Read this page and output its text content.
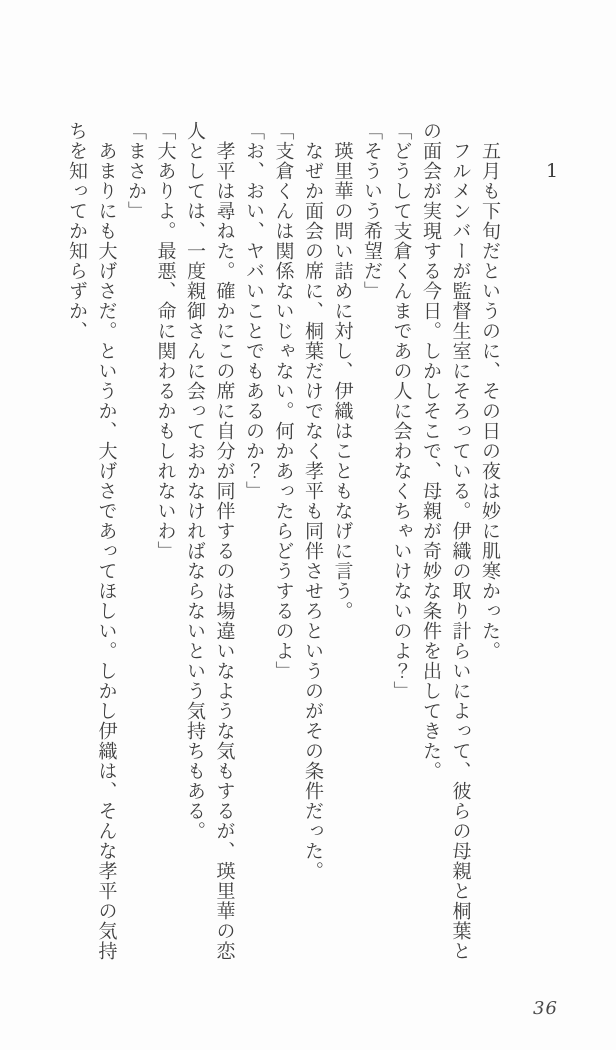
1

五月も下旬だというのに、その日の夜は妙に肌寒かった。

フルメンバーが監督生室にそろっている。伊織の取り計らいによって、彼らの母親と桐葉と

の面会が実現する今日。しかしそこで、母親が奇妙な条件を出してきた。

「どうして支倉くんまであの人に会わなくちゃいけないのよ？」

「そういう希望だ」

瑛里華の問い詰めに対し、伊織はこともなげに言う。

なぜか面会の席に、桐葉だけでなく孝平も同伴させろというのがその条件だった。

「支倉くんは関係ないじゃない。何かあったらどうするのよ」

「お、おい、ヤバいことでもあるのか？」

孝平は尋ねた。確かにこの席に自分が同伴するのは場違いなような気もするが、瑛里華の恋

人としては、一度親御さんに会っておかなければならないという気持ちもある。

「大ありよ。最悪、命に関わるかもしれないわ」

「まさか」

あまりにも大げさだ。というか、大げさであってほしい。しかし伊織は、そんな孝平の気持

ちを知ってか知らずか、

36
